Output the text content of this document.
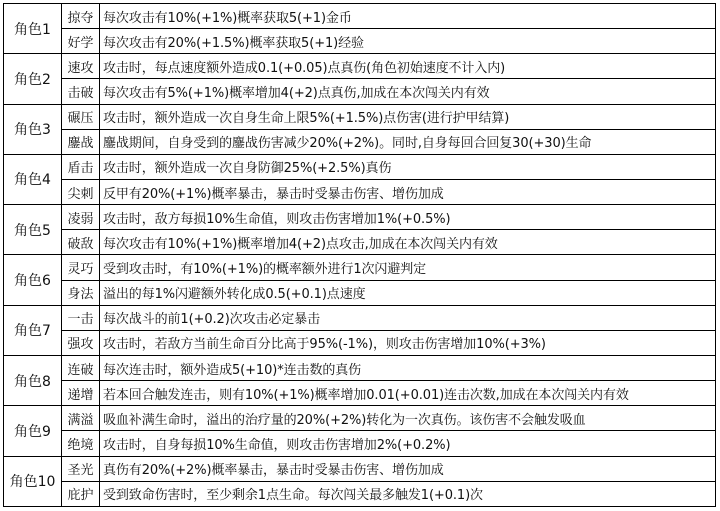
角色1	掠夺	每次攻击有10%(+1%)概率获取5(+1)金币
	好学	每次攻击有20%(+1.5%)概率获取5(+1)经验
角色2	速攻	攻击时，每点速度额外造成0.1(+0.05)点真伤(角色初始速度不计入内)
	击破	每次攻击有5%(+1%)概率增加4(+2)点真伤,加成在本次闯关内有效
角色3	碾压	攻击时，额外造成一次自身生命上限5%(+1.5%)点伤害(进行护甲结算)
	鏖战	鏖战期间，自身受到的鏖战伤害减少20%(+2%)。同时,自身每回合回复30(+30)生命
角色4	盾击	攻击时，额外造成一次自身防御25%(+2.5%)真伤
	尖刺	反甲有20%(+1%)概率暴击，暴击时受暴击伤害、增伤加成
角色5	凌弱	攻击时，敌方每损10%生命值，则攻击伤害增加1%(+0.5%)
	破敌	每次攻击有10%(+1%)概率增加4(+2)点攻击,加成在本次闯关内有效
角色6	灵巧	受到攻击时，有10%(+1%)的概率额外进行1次闪避判定
	身法	溢出的每1%闪避额外转化成0.5(+0.1)点速度
角色7	一击	每次战斗的前1(+0.2)次攻击必定暴击
	强攻	攻击时，若敌方当前生命百分比高于95%(-1%)，则攻击伤害增加10%(+3%)
角色8	连破	每次连击时，额外造成5(+10)*连击数的真伤
	递增	若本回合触发连击，则有10%(+1%)概率增加0.01(+0.01)连击次数,加成在本次闯关内有效
角色9	满溢	吸血补满生命时，溢出的治疗量的20%(+2%)转化为一次真伤。该伤害不会触发吸血
	绝境	攻击时，自身每损10%生命值，则攻击伤害增加2%(+0.2%)
角色10	圣光	真伤有20%(+2%)概率暴击，暴击时受暴击伤害、增伤加成
	庇护	受到致命伤害时，至少剩余1点生命。每次闯关最多触发1(+0.1)次
